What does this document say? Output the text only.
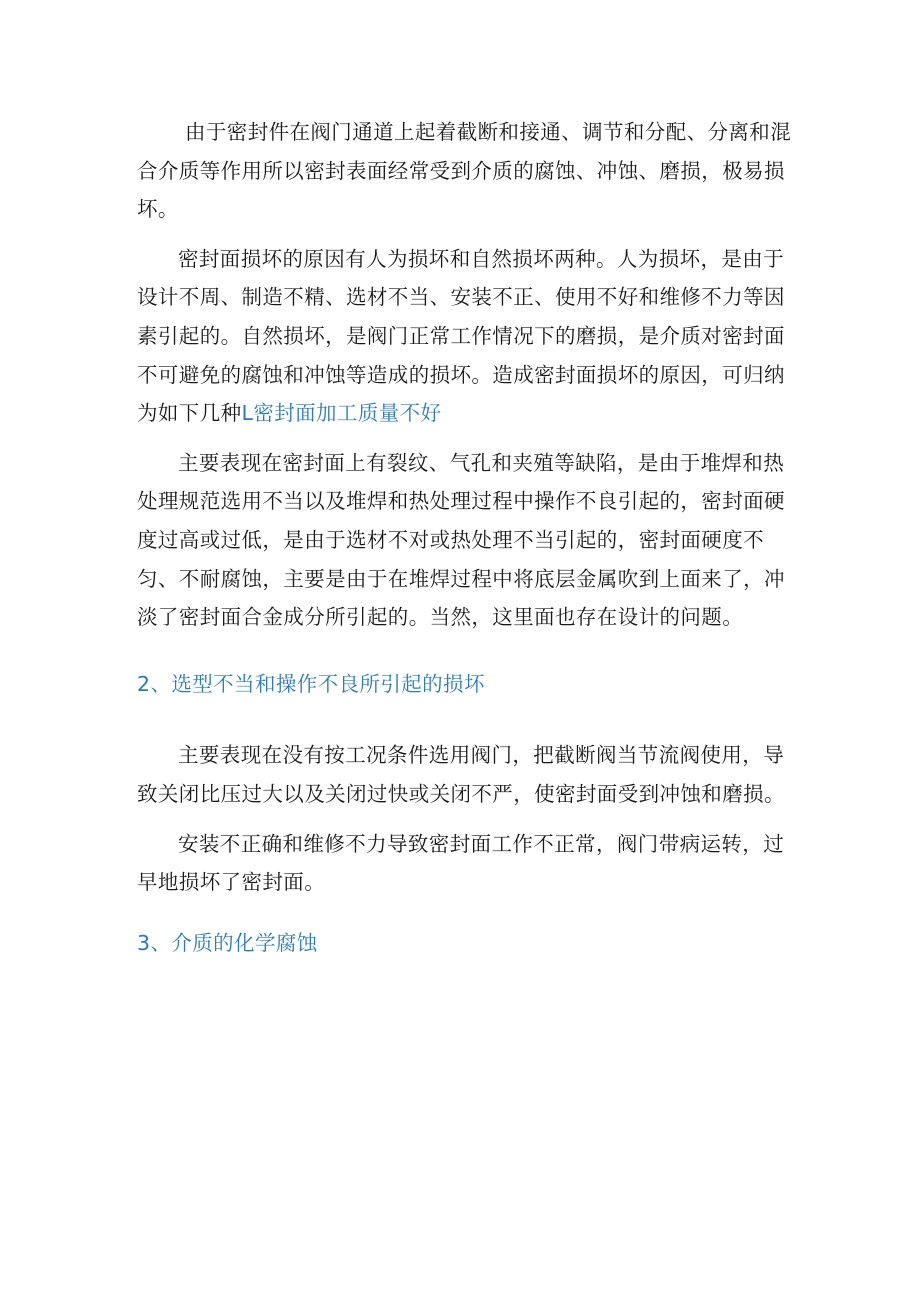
由于密封件在阀门通道上起着截断和接通、调节和分配、分离和混合介质等作用所以密封表面经常受到介质的腐蚀、冲蚀、磨损，极易损坏。

密封面损坏的原因有人为损坏和自然损坏两种。人为损坏，是由于设计不周、制造不精、选材不当、安装不正、使用不好和维修不力等因素引起的。自然损坏，是阀门正常工作情况下的磨损，是介质对密封面不可避免的腐蚀和冲蚀等造成的损坏。造成密封面损坏的原因，可归纳为如下几种L密封面加工质量不好

主要表现在密封面上有裂纹、气孔和夹殖等缺陷，是由于堆焊和热处理规范选用不当以及堆焊和热处理过程中操作不良引起的，密封面硬度过高或过低，是由于选材不对或热处理不当引起的，密封面硬度不匀、不耐腐蚀，主要是由于在堆焊过程中将底层金属吹到上面来了，冲淡了密封面合金成分所引起的。当然，这里面也存在设计的问题。

2、选型不当和操作不良所引起的损坏

主要表现在没有按工况条件选用阀门，把截断阀当节流阀使用，导致关闭比压过大以及关闭过快或关闭不严，使密封面受到冲蚀和磨损。

安装不正确和维修不力导致密封面工作不正常，阀门带病运转，过早地损坏了密封面。

3、介质的化学腐蚀
